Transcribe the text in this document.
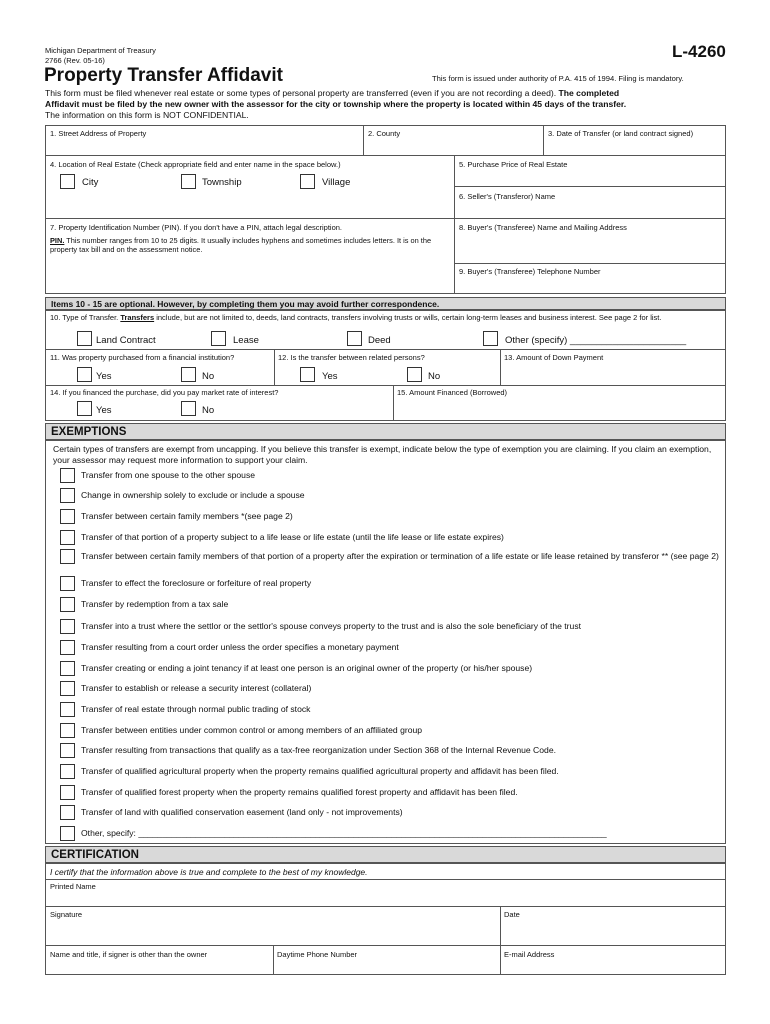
Michigan Department of Treasury
2766 (Rev. 05-16)	L-4260
Property Transfer Affidavit	This form is issued under authority of P.A. 415 of 1994. Filing is mandatory.
This form must be filed whenever real estate or some types of personal property are transferred (even if you are not recording a deed). The completed
Affidavit must be filed by the new owner with the assessor for the city or township where the property is located within 45 days of the transfer.
The information on this form is NOT CONFIDENTIAL.
1. Street Address of Property	2. County	3. Date of Transfer (or land contract signed)
4. Location of Real Estate (Check appropriate field and enter name in the space below.)
City	Township	Village
5. Purchase Price of Real Estate
6. Seller's (Transferor) Name
7. Property Identification Number (PIN). If you don't have a PIN, attach legal description.
PIN. This number ranges from 10 to 25 digits. It usually includes hyphens and sometimes includes letters. It is on the property tax bill and on the assessment notice.
8. Buyer's (Transferee) Name and Mailing Address
9. Buyer's (Transferee) Telephone Number
Items 10 - 15 are optional. However, by completing them you may avoid further correspondence.
10. Type of Transfer. Transfers include, but are not limited to, deeds, land contracts, transfers involving trusts or wills, certain long-term leases and business interest. See page 2 for list.
Land Contract	Lease	Deed	Other (specify) ______________________
11. Was property purchased from a financial institution?	12. Is the transfer between related persons?	13. Amount of Down Payment
Yes	No	Yes	No
14. If you financed the purchase, did you pay market rate of interest?	15. Amount Financed (Borrowed)
Yes	No
EXEMPTIONS
Certain types of transfers are exempt from uncapping. If you believe this transfer is exempt, indicate below the type of exemption you are claiming. If you claim an exemption, your assessor may request more information to support your claim.
Transfer from one spouse to the other spouse
Change in ownership solely to exclude or include a spouse
Transfer between certain family members *(see page 2)
Transfer of that portion of a property subject to a life lease or life estate (until the life lease or life estate expires)
Transfer between certain family members of that portion of a property after the expiration or termination of a life estate or life lease retained by transferor ** (see page 2)
Transfer to effect the foreclosure or forfeiture of real property
Transfer by redemption from a tax sale
Transfer into a trust where the settlor or the settlor's spouse conveys property to the trust and is also the sole beneficiary of the trust
Transfer resulting from a court order unless the order specifies a monetary payment
Transfer creating or ending a joint tenancy if at least one person is an original owner of the property (or his/her spouse)
Transfer to establish or release a security interest (collateral)
Transfer of real estate through normal public trading of stock
Transfer between entities under common control or among members of an affiliated group
Transfer resulting from transactions that qualify as a tax-free reorganization under Section 368 of the Internal Revenue Code.
Transfer of qualified agricultural property when the property remains qualified agricultural property and affidavit has been filed.
Transfer of qualified forest property when the property remains qualified forest property and affidavit has been filed.
Transfer of land with qualified conservation easement (land only - not improvements)
Other, specify: __________________________________________________________________________________________________
CERTIFICATION
I certify that the information above is true and complete to the best of my knowledge.
Printed Name
Signature	Date
Name and title, if signer is other than the owner	Daytime Phone Number	E-mail Address
